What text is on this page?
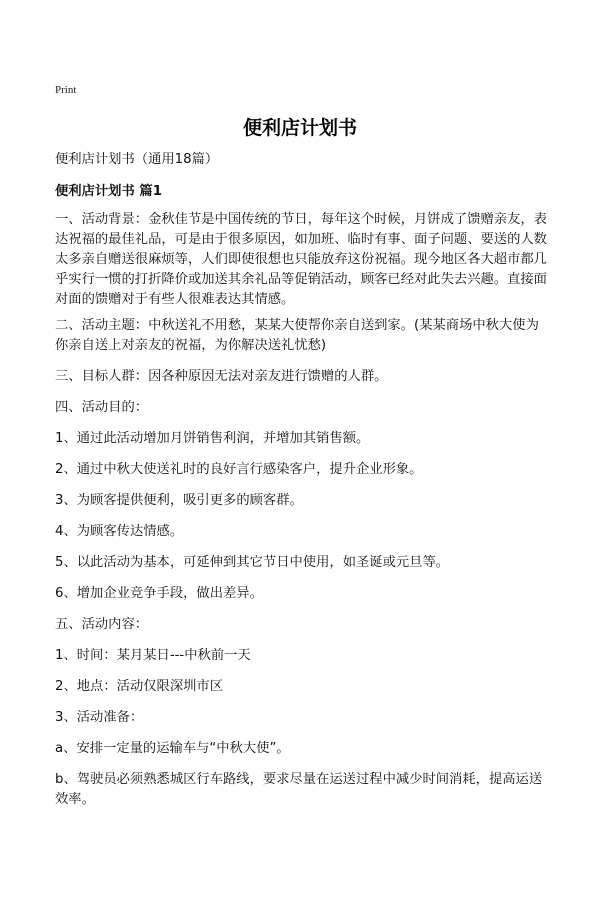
Print
便利店计划书

便利店计划书（通用18篇）

便利店计划书 篇1

一、活动背景：金秋佳节是中国传统的节日，每年这个时候，月饼成了馈赠亲友，表达祝福的最佳礼品，可是由于很多原因，如加班、临时有事、面子问题、要送的人数太多亲自赠送很麻烦等，人们即使很想也只能放弃这份祝福。现今地区各大超市都几乎实行一惯的打折降价或加送其余礼品等促销活动，顾客已经对此失去兴趣。直接面对面的馈赠对于有些人很难表达其情感。

二、活动主题：中秋送礼不用愁，某某大使帮你亲自送到家。(某某商场中秋大使为你亲自送上对亲友的祝福，为你解决送礼忧愁)

三、目标人群：因各种原因无法对亲友进行馈赠的人群。

四、活动目的：

1、通过此活动增加月饼销售利润，并增加其销售额。

2、通过中秋大使送礼时的良好言行感染客户，提升企业形象。

3、为顾客提供便利，吸引更多的顾客群。

4、为顾客传达情感。

5、以此活动为基本，可延伸到其它节日中使用，如圣诞或元旦等。

6、增加企业竞争手段，做出差异。

五、活动内容：

1、时间：某月某日---中秋前一天

2、地点：活动仅限深圳市区

3、活动准备：

a、安排一定量的运输车与“中秋大使”。

b、驾驶员必须熟悉城区行车路线，要求尽量在运送过程中减少时间消耗，提高运送效率。
